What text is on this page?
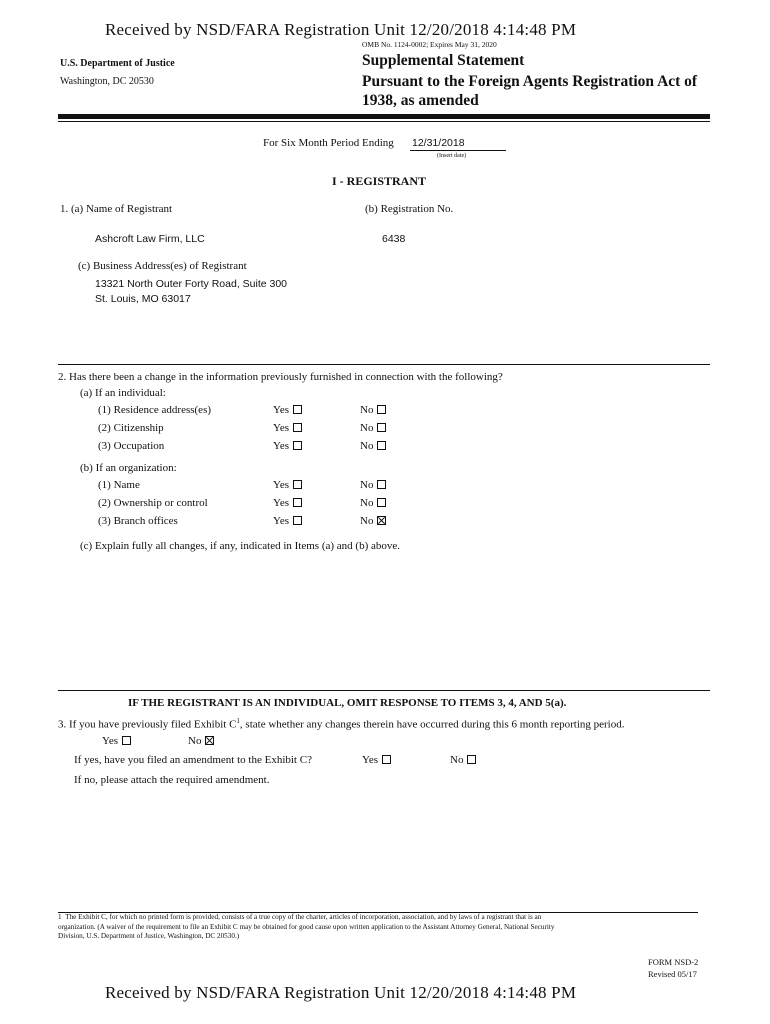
Received by NSD/FARA Registration Unit 12/20/2018 4:14:48 PM
OMB No. 1124-0002; Expires May 31, 2020
U.S. Department of Justice
Washington, DC 20530
Supplemental Statement
Pursuant to the Foreign Agents Registration Act of
1938, as amended
For Six Month Period Ending 12/31/2018
(Insert date)
I - REGISTRANT
1. (a) Name of Registrant	(b) Registration No.
Ashcroft Law Firm, LLC	6438
(c) Business Address(es) of Registrant
13321 North Outer Forty Road, Suite 300
St. Louis, MO 63017
2. Has there been a change in the information previously furnished in connection with the following?
(a) If an individual:
(1) Residence address(es)	Yes	No
(2) Citizenship	Yes	No
(3) Occupation	Yes	No
(b) If an organization:
(1) Name	Yes	No
(2) Ownership or control	Yes	No
(3) Branch offices	Yes	No
(c) Explain fully all changes, if any, indicated in Items (a) and (b) above.
IF THE REGISTRANT IS AN INDIVIDUAL, OMIT RESPONSE TO ITEMS 3, 4, AND 5(a).
3. If you have previously filed Exhibit $C^1$, state whether any changes therein have occurred during this 6 month reporting period.
Yes	No
If yes, have you filed an amendment to the Exhibit C?	Yes	No
If no, please attach the required amendment.
1 The Exhibit C, for which no printed form is provided, consists of a true copy of the charter, articles of incorporation, association, and by laws of a registrant that is an
organization. (A waiver of the requirement to file an Exhibit C may be obtained for good cause upon written application to the Assistant Attorney General, National Security
Division, U.S. Department of Justice, Washington, DC 20530.)
FORM NSD-2
Revised 05/17
Received by NSD/FARA Registration Unit 12/20/2018 4:14:48 PM
